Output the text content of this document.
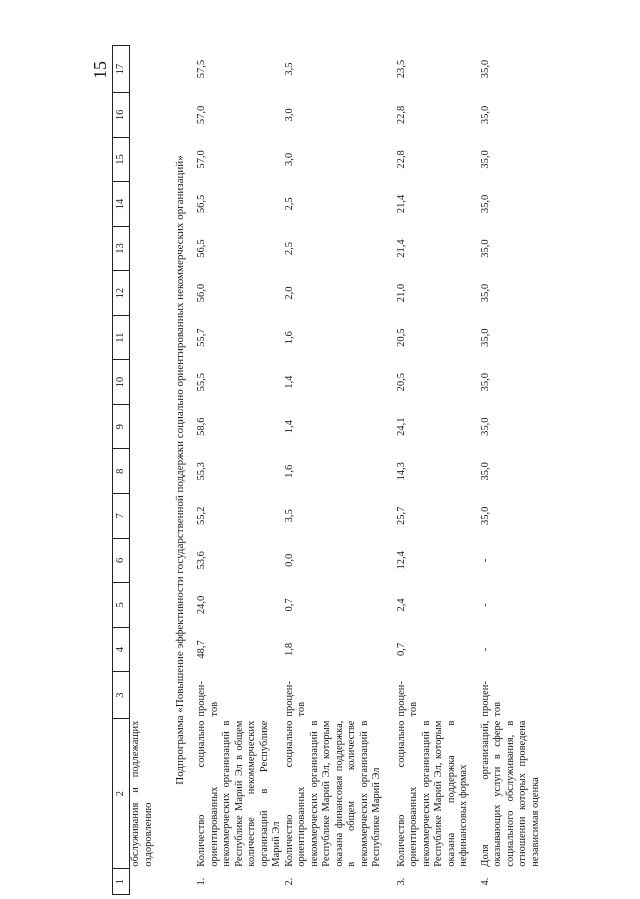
15
1	2	3	4	5	6	7	8	9	10	11	12	13	14	15	16	17
	обслуживания и подлежащих оздоровлению															
Подпрограмма «Повышение эффективности государственной поддержки социально ориентированных некоммерческих организаций»																
1.	Количество социально ориентированных некоммерческих организаций в Республике Марий Эл в общем количестве некоммерческих организаций в Республике Марий Эл	процен-тов	48,7	24,0	53,6	55,2	55,3	58,6	55,5	55,7	56,0	56,5	56,5	57,0	57,0	57,5
2.	Количество социально ориентированных некоммерческих организаций в Республике Марий Эл, которым оказана финансовая поддержка, в общем количестве некоммерческих организаций в Республике Марий Эл	процен-тов	1,8	0,7	0,0	3,5	1,6	1,4	1,4	1,6	2,0	2,5	2,5	3,0	3,0	3,5
3.	Количество социально ориентированных некоммерческих организаций в Республике Марий Эл, которым оказана поддержка в нефинансовых формах	процен-тов	0,7	2,4	12,4	25,7	14,3	24,1	20,5	20,5	21,0	21,4	21,4	22,8	22,8	23,5
4.	Доля организаций, оказывающих услуги в сфере социального обслуживания, в отношении которых проведена независимая оценка	процен-тов	-	-	-	35,0	35,0	35,0	35,0	35,0	35,0	35,0	35,0	35,0	35,0	35,0
